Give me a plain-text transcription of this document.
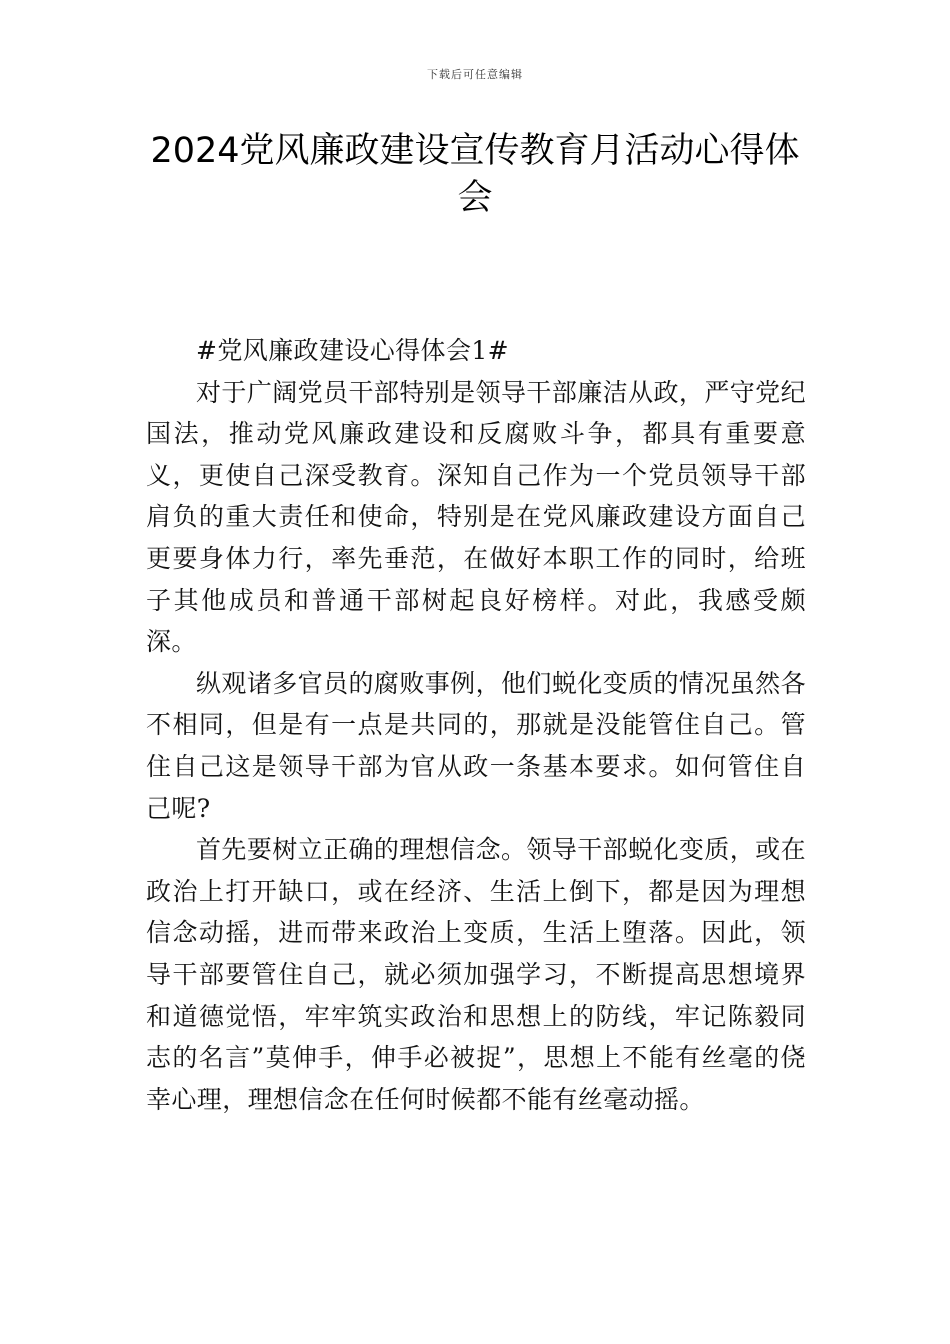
下载后可任意编辑
2024党风廉政建设宣传教育月活动心得体会

#党风廉政建设心得体会1#

对于广阔党员干部特别是领导干部廉洁从政，严守党纪国法，推动党风廉政建设和反腐败斗争，都具有重要意义，更使自己深受教育。深知自己作为一个党员领导干部肩负的重大责任和使命，特别是在党风廉政建设方面自己更要身体力行，率先垂范，在做好本职工作的同时，给班子其他成员和普通干部树起良好榜样。对此，我感受颇深。

纵观诸多官员的腐败事例，他们蜕化变质的情况虽然各不相同，但是有一点是共同的，那就是没能管住自己。管住自己这是领导干部为官从政一条基本要求。如何管住自己呢?

首先要树立正确的理想信念。领导干部蜕化变质，或在政治上打开缺口，或在经济、生活上倒下，都是因为理想信念动摇，进而带来政治上变质，生活上堕落。因此，领导干部要管住自己，就必须加强学习，不断提高思想境界和道德觉悟，牢牢筑实政治和思想上的防线，牢记陈毅同志的名言”莫伸手，伸手必被捉”，思想上不能有丝毫的侥幸心理，理想信念在任何时候都不能有丝毫动摇。
